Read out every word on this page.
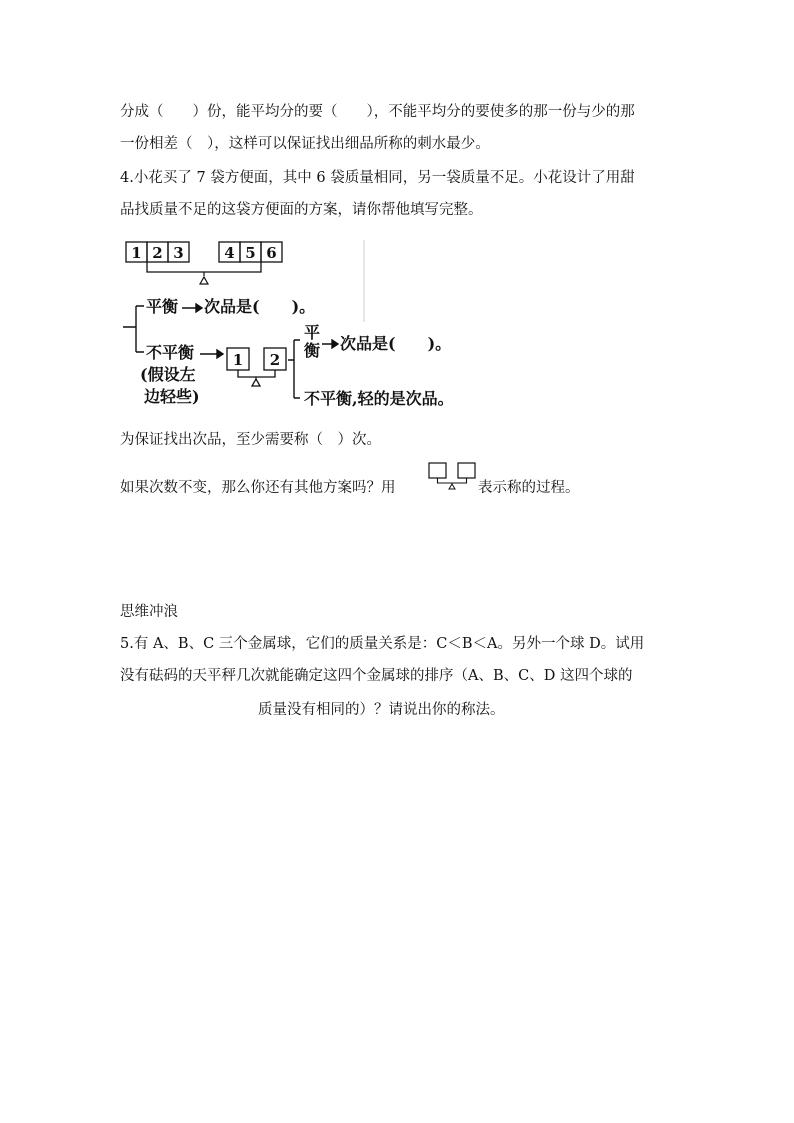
分成（　　）份，能平均分的要（　　），不能平均分的要使多的那一份与少的那
一份相差（　），这样可以保证找出细品所称的刺水最少。
4.小花买了 7 袋方便面，其中 6 袋质量相同，另一袋质量不足。小花设计了用甜
品找质量不足的这袋方便面的方案，请你帮他填写完整。
1 2 3	4 5 6
平衡 次品是(　　)。
不平衡
(假设左
边轻些)
1 2
平
衡 次品是(　　)。
不平衡,轻的是次品。
为保证找出次品，至少需要称（　）次。
如果次数不变，那么你还有其他方案吗？用	表示称的过程。
思维冲浪
5.有 A、B、C 三个金属球，它们的质量关系是：C＜B＜A。另外一个球 D。试用
没有砝码的天平秤几次就能确定这四个金属球的排序（A、B、C、D 这四个球的
质量没有相同的）？请说出你的称法。
